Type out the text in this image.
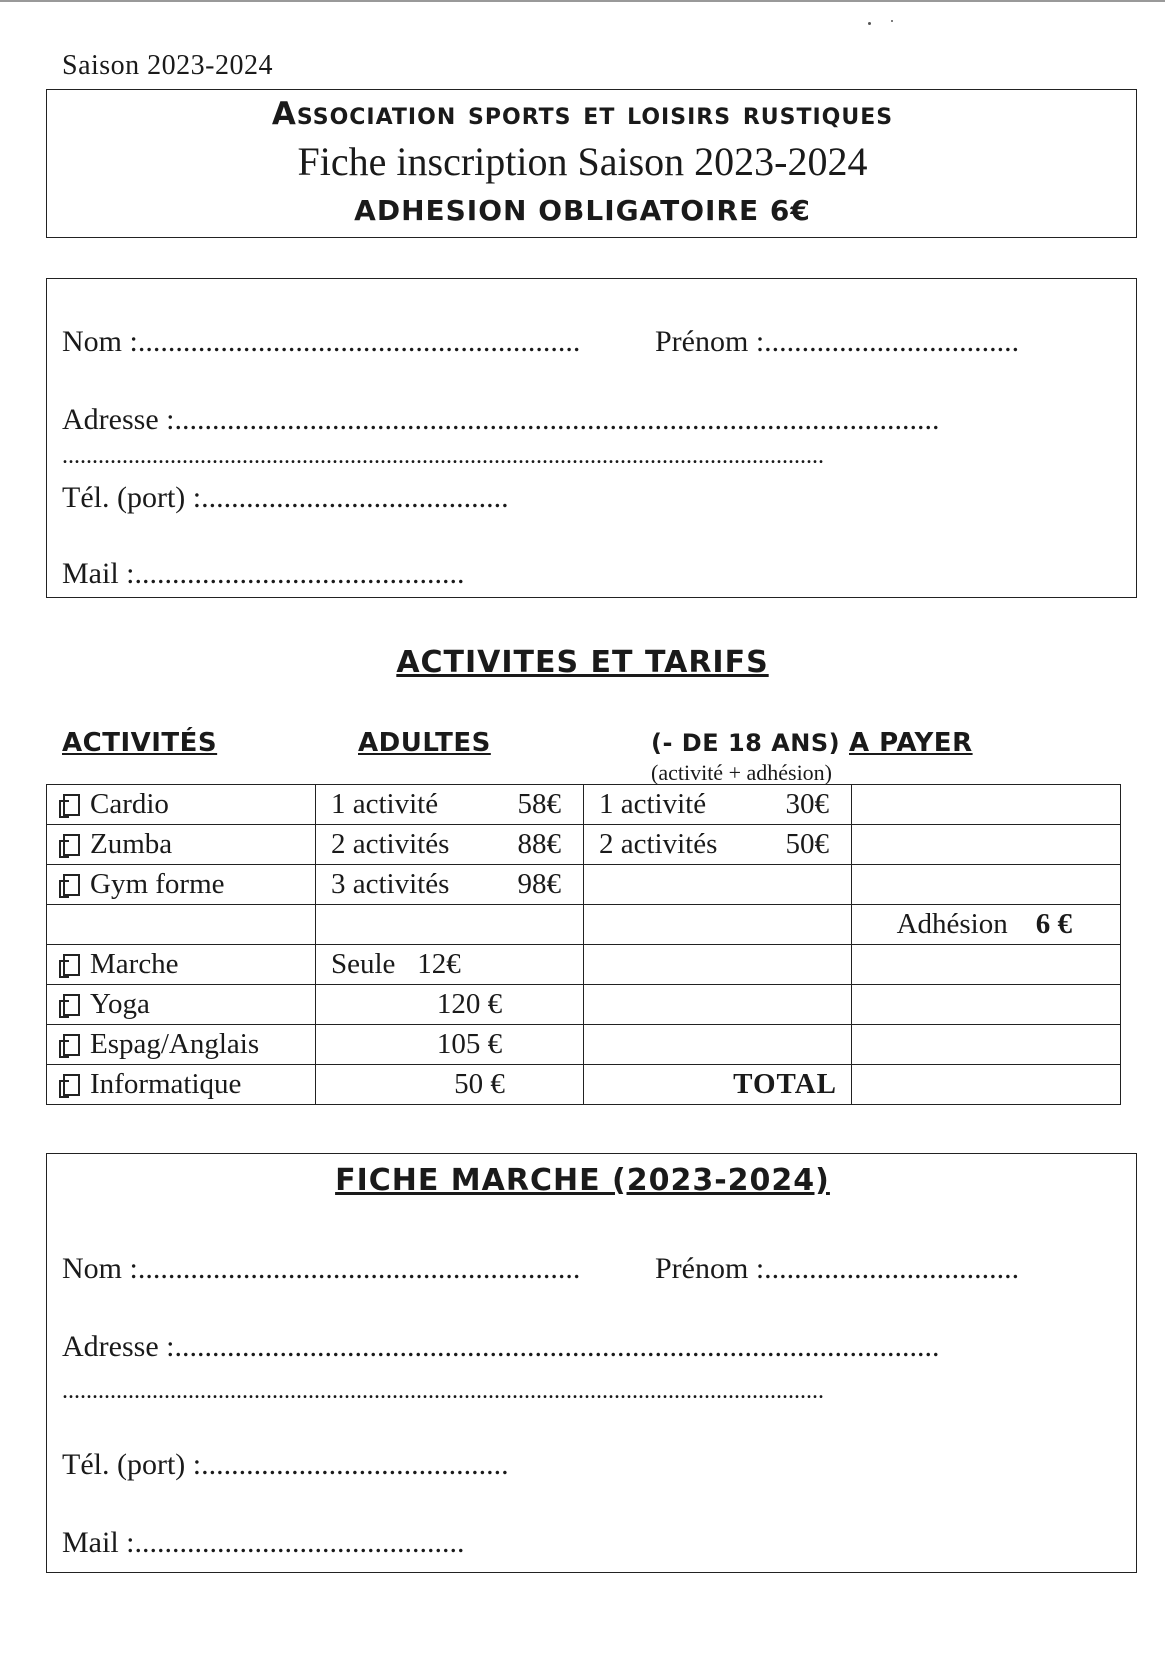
Saison 2023-2024
Association sports et loisirs rustiques
Fiche inscription Saison 2023-2024
ADHESION OBLIGATOIRE 6€
Nom :........................................................... Prénom :..................................
Adresse :......................................................................................................
...............................................................................................................................
Tél. (port) :.........................................
Mail :............................................
ACTIVITES ET TARIFS
ACTIVITÉS	ADULTES	(- DE 18 ANS) A PAYER
(activité + adhésion)
Cardio	1 activité 58€	1 activité 30€	

Zumba	2 activités 88€	2 activités 50€	

Gym forme	3 activités 98€		

			Adhésion 6 €

Marche	Seule 12€		

Yoga	120 €		

Espag/Anglais	105 €		

Informatique	50 €	TOTAL	

FICHE MARCHE (2023-2024)
Nom :........................................................... Prénom :..................................
Adresse :......................................................................................................
...............................................................................................................................
Tél. (port) :.........................................
Mail :............................................
